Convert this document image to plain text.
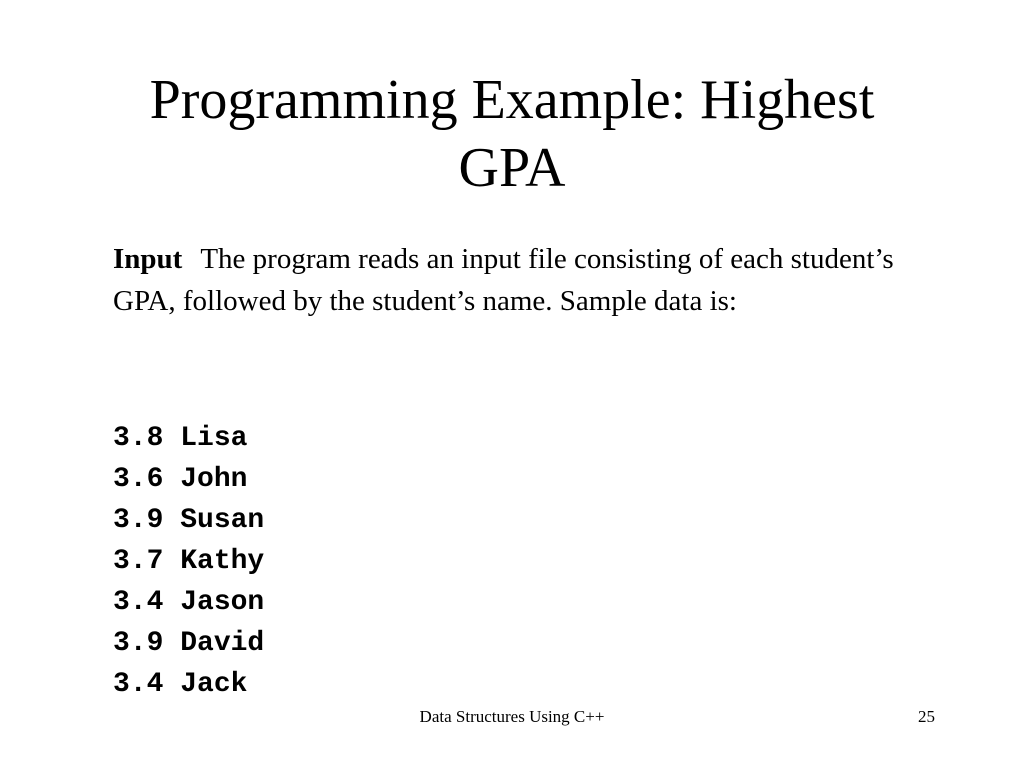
Programming Example: Highest
GPA

Input The program reads an input file consisting of each student’s GPA, followed by the student’s name. Sample data is:

3.8 Lisa
3.6 John
3.9 Susan
3.7 Kathy
3.4 Jason
3.9 David
3.4 Jack
Data Structures Using C++	25
